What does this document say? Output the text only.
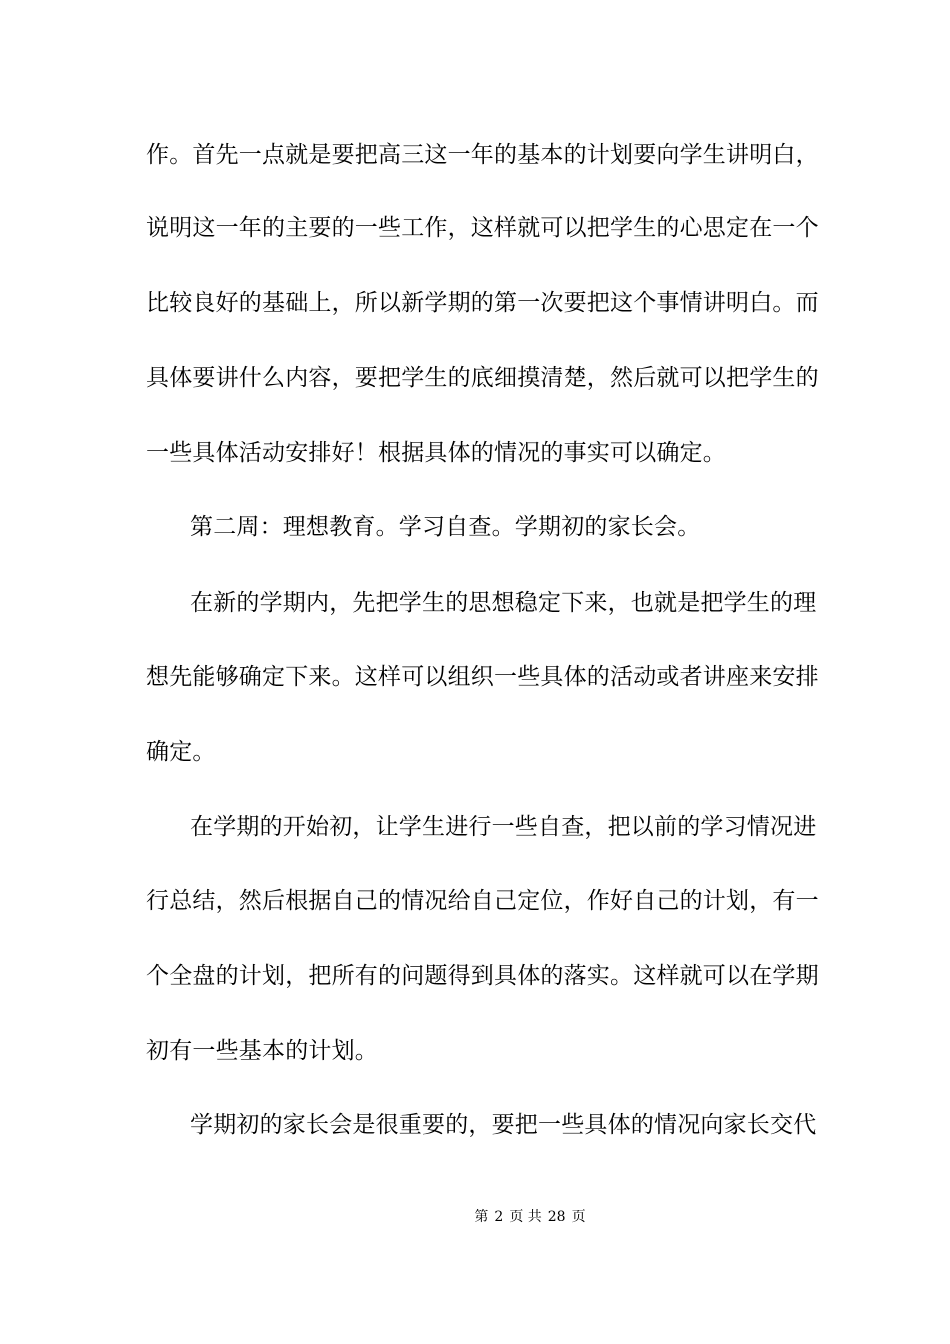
作。首先一点就是要把高三这一年的基本的计划要向学生讲明白，
说明这一年的主要的一些工作，这样就可以把学生的心思定在一个
比较良好的基础上，所以新学期的第一次要把这个事情讲明白。而
具体要讲什么内容，要把学生的底细摸清楚，然后就可以把学生的
一些具体活动安排好！根据具体的情况的事实可以确定。
第二周：理想教育。学习自查。学期初的家长会。
在新的学期内，先把学生的思想稳定下来，也就是把学生的理
想先能够确定下来。这样可以组织一些具体的活动或者讲座来安排
确定。
在学期的开始初，让学生进行一些自查，把以前的学习情况进
行总结，然后根据自己的情况给自己定位，作好自己的计划，有一
个全盘的计划，把所有的问题得到具体的落实。这样就可以在学期
初有一些基本的计划。
学期初的家长会是很重要的，要把一些具体的情况向家长交代
第 2 页 共 28 页
